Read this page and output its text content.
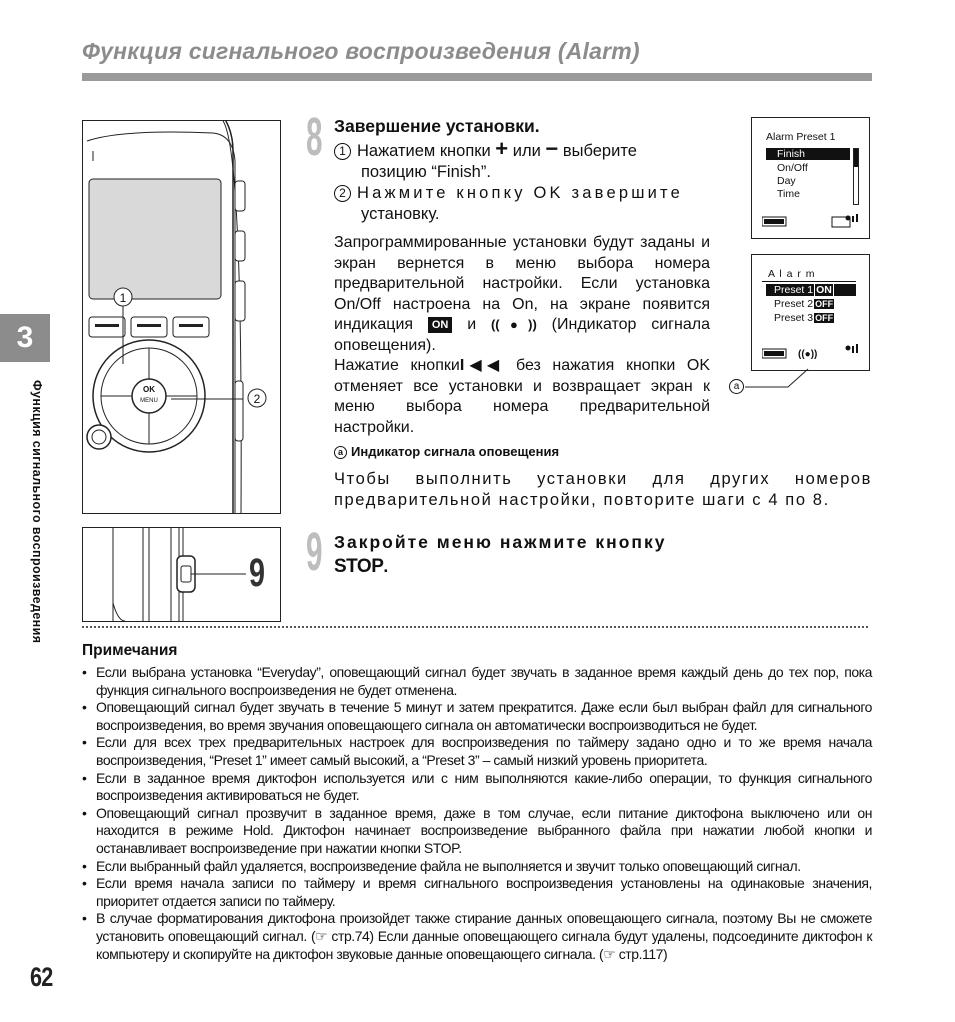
Функция сигнального воспроизведения (Alarm)
3
Функция сигнального воспроизведения	OK
MENU
1
2
9
8 Завершение установки.
1 Нажатием кнопки + или − выберите
позицию “Finish”.
2 Нажмите кнопку OK завершите
установку.
Запрограммированные установки будут заданы и экран вернется в меню выбора номера предварительной настройки. Если установка On/Off настроена на On, на экране появится индикация ON и ((●)) (Индикатор сигнала оповещения).
Нажатие кнопкиI◀◀ без нажатия кнопки OK отменяет все установки и возвращает экран к меню выбора номера предварительной настройки.
a Индикатор сигнала оповещения
Чтобы выполнить установки для других номеров предварительной настройки, повторите шаги с 4 по 8.
Alarm Preset 1
Finish
On/Off
Day
Time
A l a r m
Preset 1 ON
Preset 2 OFF
Preset 3 OFF
((●))
a
9 Закройте меню нажмите кнопку
STOP.
Примечания
• Если выбрана установка “Everyday”, оповещающий сигнал будет звучать в заданное время каждый день до тех пор, пока функция сигнального воспроизведения не будет отменена.
• Оповещающий сигнал будет звучать в течение 5 минут и затем прекратится. Даже если был выбран файл для сигнального воспроизведения, во время звучания оповещающего сигнала он автоматически воспроизводиться не будет.
• Если для всех трех предварительных настроек для воспроизведения по таймеру задано одно и то же время начала воспроизведения, “Preset 1” имеет самый высокий, а “Preset 3” – самый низкий уровень приоритета.
• Если в заданное время диктофон используется или с ним выполняются какие-либо операции, то функция сигнального воспроизведения активироваться не будет.
• Оповещающий сигнал прозвучит в заданное время, даже в том случае, если питание диктофона выключено или он находится в режиме Hold. Диктофон начинает воспроизведение выбранного файла при нажатии любой кнопки и останавливает воспроизведение при нажатии кнопки STOP.
• Если выбранный файл удаляется, воспроизведение файла не выполняется и звучит только оповещающий сигнал.
• Если время начала записи по таймеру и время сигнального воспроизведения установлены на одинаковые значения, приоритет отдается записи по таймеру.
• В случае форматирования диктофона произойдет также стирание данных оповещающего сигнала, поэтому Вы не сможете установить оповещающий сигнал. (☞ стр.74) Если данные оповещающего сигнала будут удалены, подсоедините диктофон к компьютеру и скопируйте на диктофон звуковые данные оповещающего сигнала. (☞ стр.117)
62
